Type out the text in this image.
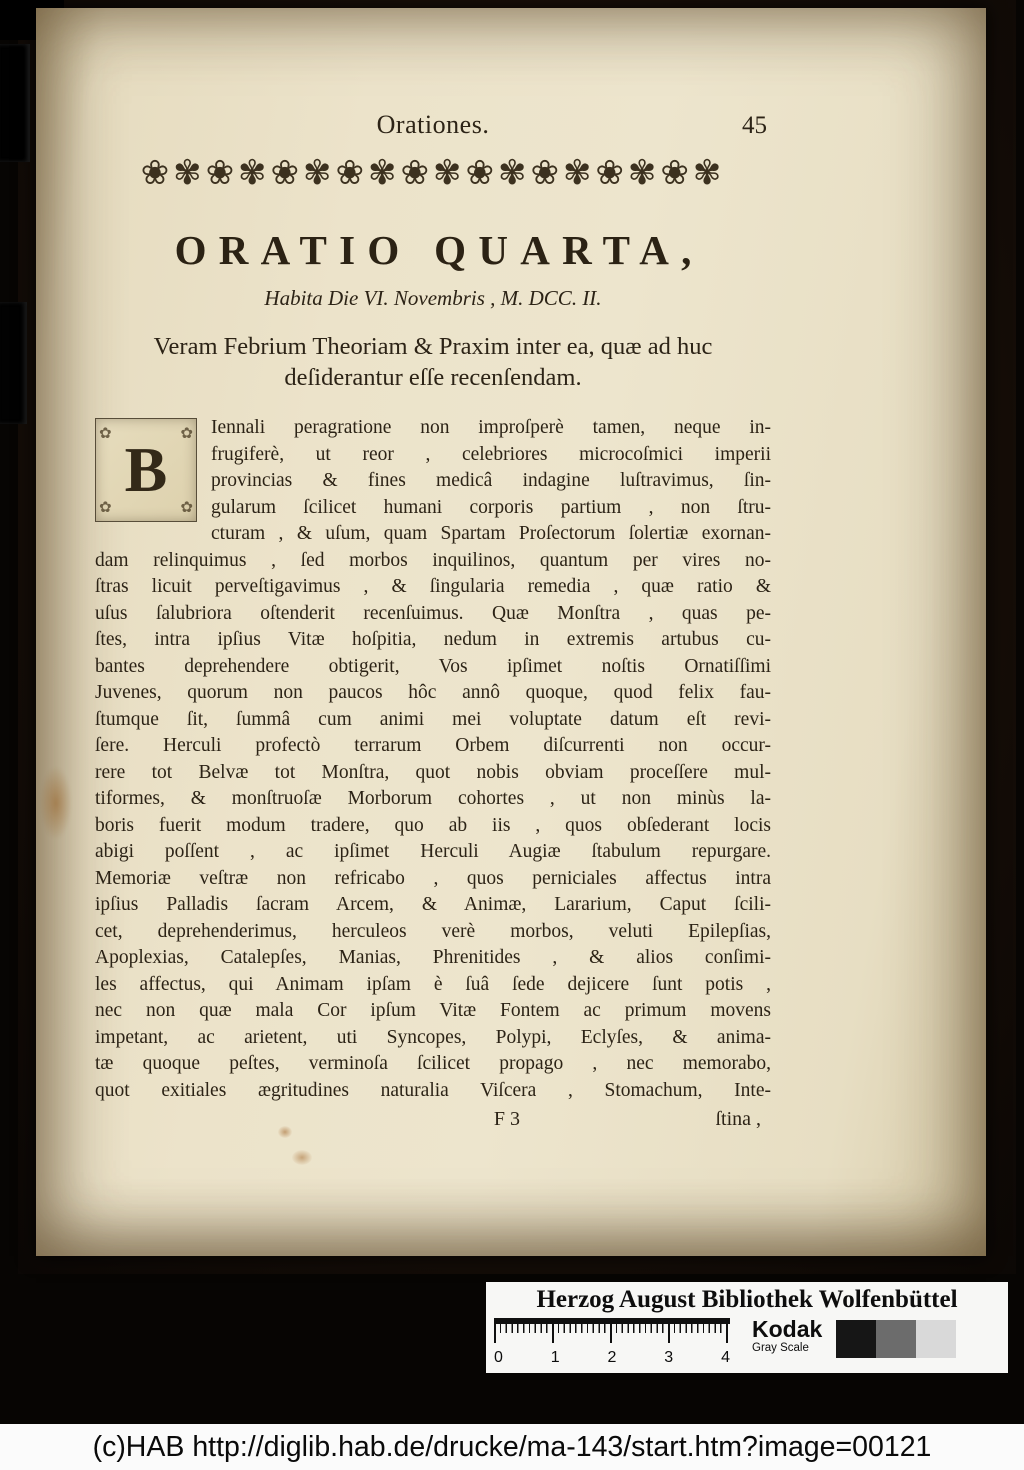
Orationes.	45
❀✾❀✾❀✾❀✾❀✾❀✾❀✾❀✾❀✾
ORATIO QUARTA,
Habita Die VI. Novembris , M. DCC. II.
Veram Febrium Theoriam & Praxim inter ea, quæ ad huc
deſiderantur eſſe recenſendam.
✿	✿
✿	✿
B
Iennali peragratione non improſperè tamen, neque in-
frugiferè, ut reor , celebriores microcoſmici imperii
provincias & fines medicâ indagine luſtravimus, ſin-
gularum ſcilicet humani corporis partium , non ſtru-
cturam , & uſum, quam Spartam Proſectorum ſolertiæ exornan-
dam relinquimus , ſed morbos inquilinos, quantum per vires no-
ſtras licuit perveſtigavimus , & ſingularia remedia , quæ ratio &
uſus ſalubriora oſtenderit recenſuimus. Quæ Monſtra , quas pe-
ſtes, intra ipſius Vitæ hoſpitia, nedum in extremis artubus cu-
bantes deprehendere obtigerit, Vos ipſimet noſtis Ornatiſſimi
Juvenes, quorum non paucos hôc annô quoque, quod felix fau-
ſtumque ſit, ſummâ cum animi mei voluptate datum eſt revi-
ſere. Herculi profectò terrarum Orbem diſcurrenti non occur-
rere tot Belvæ tot Monſtra, quot nobis obviam proceſſere mul-
tiformes, & monſtruoſæ Morborum cohortes , ut non minùs la-
boris fuerit modum tradere, quo ab iis , quos obſederant locis
abigi poſſent , ac ipſimet Herculi Augiæ ſtabulum repurgare.
Memoriæ veſtræ non refricabo , quos perniciales affectus intra
ipſius Palladis ſacram Arcem, & Animæ, Lararium, Caput ſcili-
cet, deprehenderimus, herculeos verè morbos, veluti Epilepſias,
Apoplexias, Catalepſes, Manias, Phrenitides , & alios conſimi-
les affectus, qui Animam ipſam è ſuâ ſede dejicere ſunt potis ,
nec non quæ mala Cor ipſum Vitæ Fontem ac primum movens
impetant, ac arietent, uti Syncopes, Polypi, Eclyſes, & anima-
tæ quoque peſtes, verminoſa ſcilicet propago , nec memorabo,
quot exitiales ægritudines naturalia Viſcera , Stomachum, Inte-
F 3	ſtina ,
Herzog August Bibliothek Wolfenbüttel
0	1	2	3	4
Kodak
Gray Scale
(c)HAB http://diglib.hab.de/drucke/ma-143/start.htm?image=00121
